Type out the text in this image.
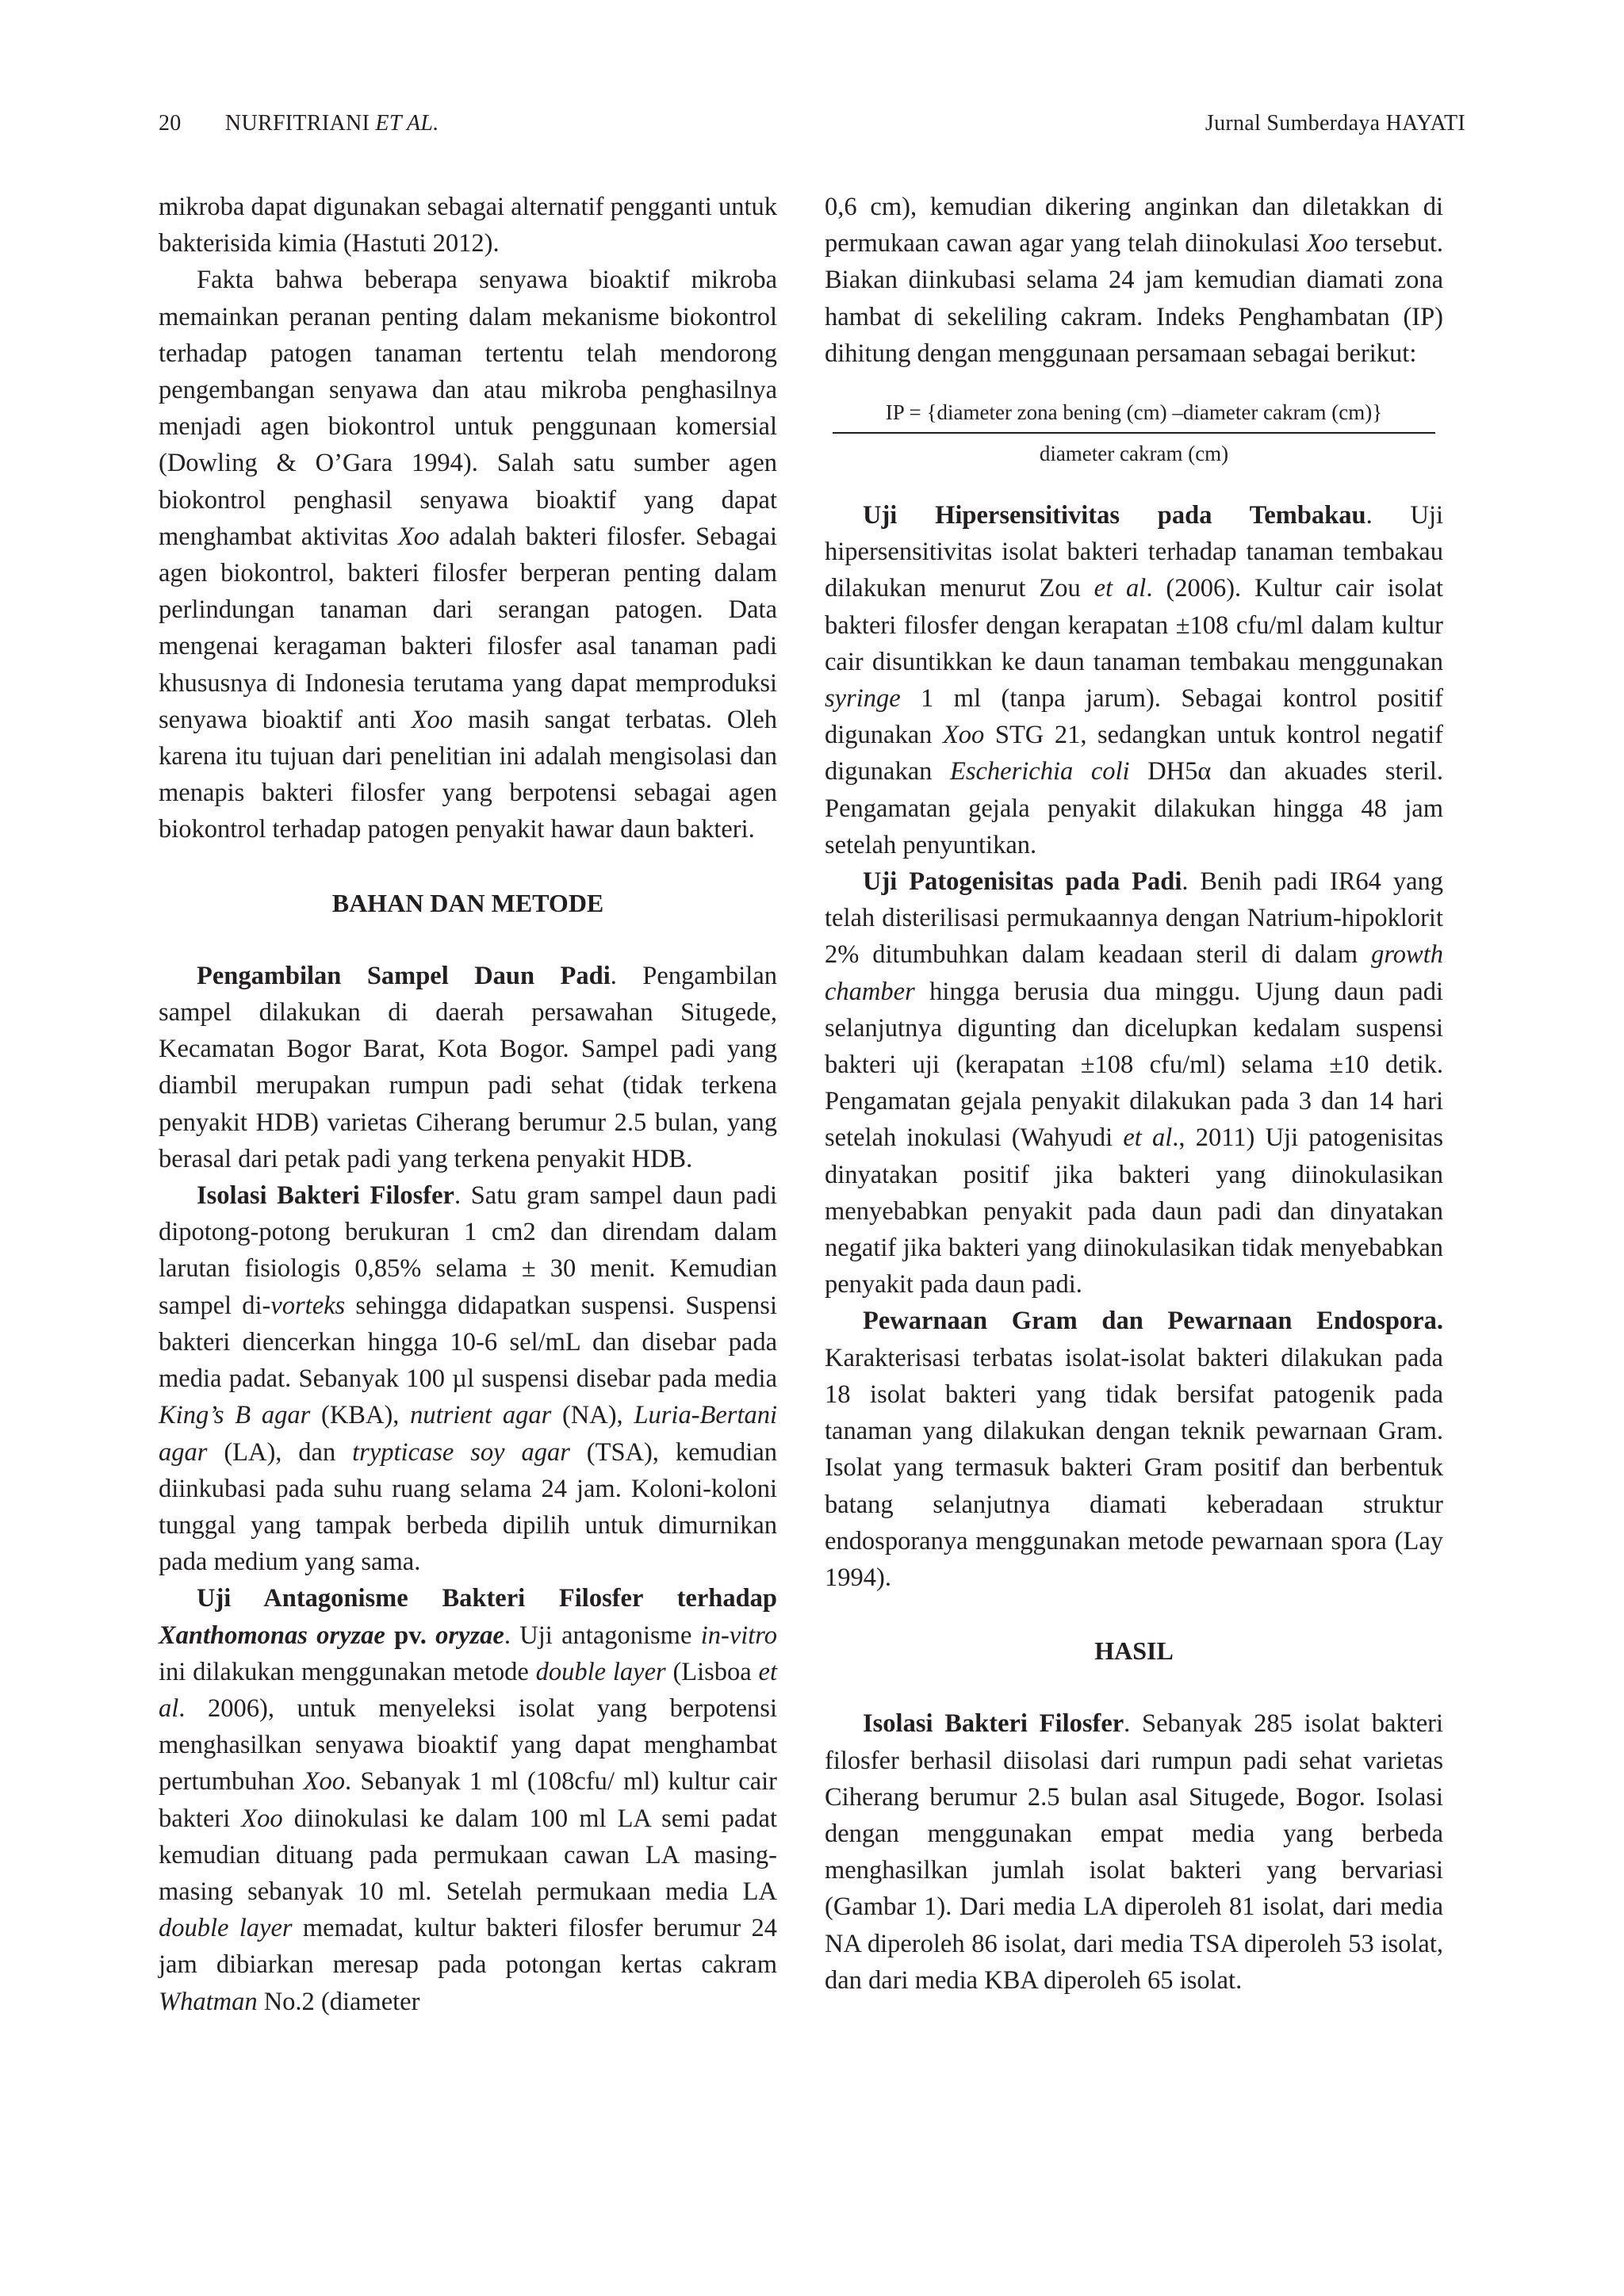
20 NURFITRIANI ET AL.	Jurnal Sumberdaya HAYATI

mikroba dapat digunakan sebagai alternatif pengganti untuk bakterisida kimia (Hastuti 2012).

Fakta bahwa beberapa senyawa bioaktif mikroba memainkan peranan penting dalam mekanisme biokontrol terhadap patogen tanaman tertentu telah mendorong pengembangan senyawa dan atau mikroba penghasilnya menjadi agen biokontrol untuk penggunaan komersial (Dowling & O’Gara 1994). Salah satu sumber agen biokontrol penghasil senyawa bioaktif yang dapat menghambat aktivitas Xoo adalah bakteri filosfer. Sebagai agen biokontrol, bakteri filosfer berperan penting dalam perlindungan tanaman dari serangan patogen. Data mengenai keragaman bakteri filosfer asal tanaman padi khususnya di Indonesia terutama yang dapat memproduksi senyawa bioaktif anti Xoo masih sangat terbatas. Oleh karena itu tujuan dari penelitian ini adalah mengisolasi dan menapis bakteri filosfer yang berpotensi sebagai agen biokontrol terhadap patogen penyakit hawar daun bakteri.

BAHAN DAN METODE

Pengambilan Sampel Daun Padi. Pengambilan sampel dilakukan di daerah persawahan Situgede, Kecamatan Bogor Barat, Kota Bogor. Sampel padi yang diambil merupakan rumpun padi sehat (tidak terkena penyakit HDB) varietas Ciherang berumur 2.5 bulan, yang berasal dari petak padi yang terkena penyakit HDB.

Isolasi Bakteri Filosfer. Satu gram sampel daun padi dipotong-potong berukuran 1 cm2 dan direndam dalam larutan fisiologis 0,85% selama ± 30 menit. Kemudian sampel di-vorteks sehingga didapatkan suspensi. Suspensi bakteri diencerkan hingga 10-6 sel/mL dan disebar pada media padat. Sebanyak 100 µl suspensi disebar pada media King’s B agar (KBA), nutrient agar (NA), Luria-Bertani agar (LA), dan trypticase soy agar (TSA), kemudian diinkubasi pada suhu ruang selama 24 jam. Koloni-koloni tunggal yang tampak berbeda dipilih untuk dimurnikan pada medium yang sama.

Uji Antagonisme Bakteri Filosfer terhadap Xanthomonas oryzae pv. oryzae. Uji antagonisme in-vitro ini dilakukan menggunakan metode double layer (Lisboa et al. 2006), untuk menyeleksi isolat yang berpotensi menghasilkan senyawa bioaktif yang dapat menghambat pertumbuhan Xoo. Sebanyak 1 ml (108cfu/ ml) kultur cair bakteri Xoo diinokulasi ke dalam 100 ml LA semi padat kemudian dituang pada permukaan cawan LA masing-masing sebanyak 10 ml. Setelah permukaan media LA double layer memadat, kultur bakteri filosfer berumur 24 jam dibiarkan meresap pada potongan kertas cakram Whatman No.2 (diameter

0,6 cm), kemudian dikering anginkan dan diletakkan di permukaan cawan agar yang telah diinokulasi Xoo tersebut. Biakan diinkubasi selama 24 jam kemudian diamati zona hambat di sekeliling cakram. Indeks Penghambatan (IP) dihitung dengan menggunaan persamaan sebagai berikut:

IP = {diameter zona bening (cm) –diameter cakram (cm)}
diameter cakram (cm)

Uji Hipersensitivitas pada Tembakau. Uji hipersensitivitas isolat bakteri terhadap tanaman tembakau dilakukan menurut Zou et al. (2006). Kultur cair isolat bakteri filosfer dengan kerapatan ±108 cfu/ml dalam kultur cair disuntikkan ke daun tanaman tembakau menggunakan syringe 1 ml (tanpa jarum). Sebagai kontrol positif digunakan Xoo STG 21, sedangkan untuk kontrol negatif digunakan Escherichia coli DH5α dan akuades steril. Pengamatan gejala penyakit dilakukan hingga 48 jam setelah penyuntikan.

Uji Patogenisitas pada Padi. Benih padi IR64 yang telah disterilisasi permukaannya dengan Natrium-hipoklorit 2% ditumbuhkan dalam keadaan steril di dalam growth chamber hingga berusia dua minggu. Ujung daun padi selanjutnya digunting dan dicelupkan kedalam suspensi bakteri uji (kerapatan ±108 cfu/ml) selama ±10 detik. Pengamatan gejala penyakit dilakukan pada 3 dan 14 hari setelah inokulasi (Wahyudi et al., 2011) Uji patogenisitas dinyatakan positif jika bakteri yang diinokulasikan menyebabkan penyakit pada daun padi dan dinyatakan negatif jika bakteri yang diinokulasikan tidak menyebabkan penyakit pada daun padi.

Pewarnaan Gram dan Pewarnaan Endospora. Karakterisasi terbatas isolat-isolat bakteri dilakukan pada 18 isolat bakteri yang tidak bersifat patogenik pada tanaman yang dilakukan dengan teknik pewarnaan Gram. Isolat yang termasuk bakteri Gram positif dan berbentuk batang selanjutnya diamati keberadaan struktur endosporanya menggunakan metode pewarnaan spora (Lay 1994).

HASIL

Isolasi Bakteri Filosfer. Sebanyak 285 isolat bakteri filosfer berhasil diisolasi dari rumpun padi sehat varietas Ciherang berumur 2.5 bulan asal Situgede, Bogor. Isolasi dengan menggunakan empat media yang berbeda menghasilkan jumlah isolat bakteri yang bervariasi (Gambar 1). Dari media LA diperoleh 81 isolat, dari media NA diperoleh 86 isolat, dari media TSA diperoleh 53 isolat, dan dari media KBA diperoleh 65 isolat.
